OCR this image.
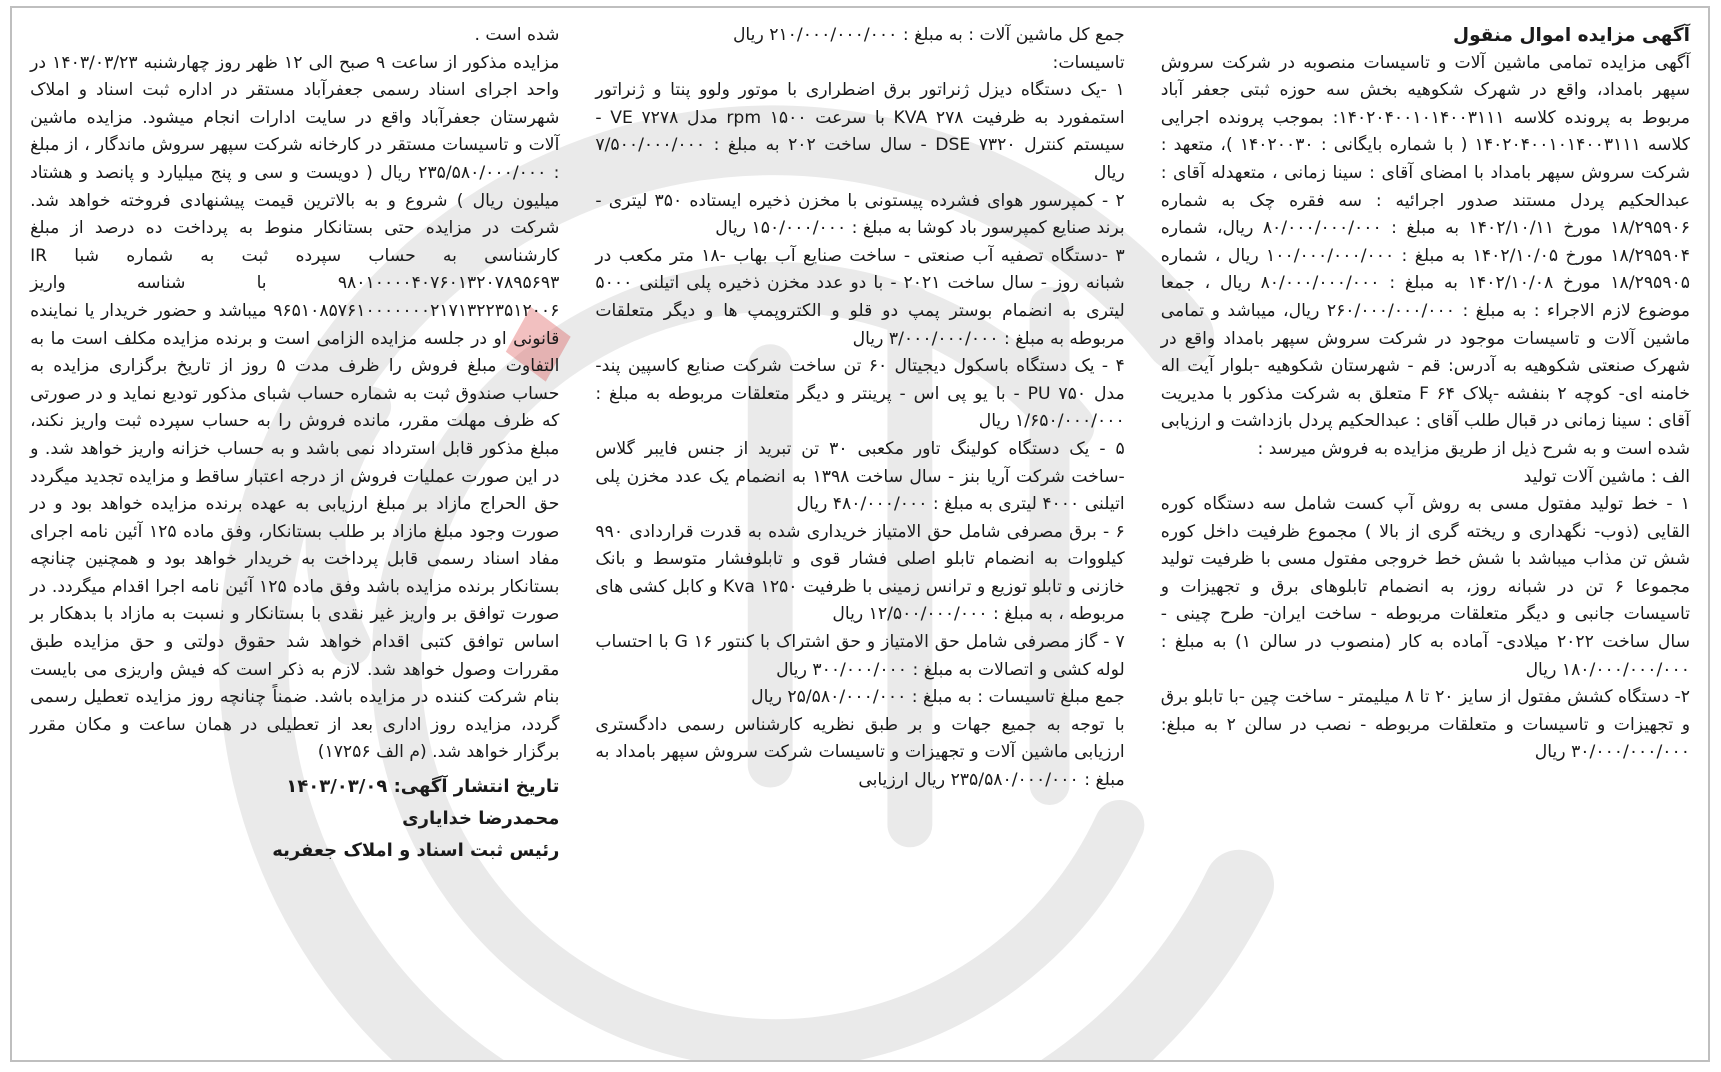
آگهی مزایده اموال منقول

آگهی مزایده تمامی ماشین آلات و تاسیسات منصوبه در شرکت سروش سپهر بامداد، واقع در شهرک شکوهیه بخش سه حوزه ثبتی جعفر آباد مربوط به پرونده کلاسه ۱۴۰۲۰۴۰۰۱۰۱۴۰۰۳۱۱۱: بموجب پرونده اجرایی کلاسه ۱۴۰۲۰۴۰۰۱۰۱۴۰۰۳۱۱۱ ( با شماره بایگانی : ۱۴۰۲۰۰۳۰ )، متعهد : شرکت سروش سپهر بامداد با امضای آقای : سینا زمانی ، متعهدله آقای : عبدالحکیم پردل مستند صدور اجرائیه : سه فقره چک به شماره ۱۸/۲۹۵۹۰۶ مورخ ۱۴۰۲/۱۰/۱۱ به مبلغ : ۸۰/۰۰۰/۰۰۰/۰۰۰ ریال، شماره ۱۸/۲۹۵۹۰۴ مورخ ۱۴۰۲/۱۰/۰۵ به مبلغ : ۱۰۰/۰۰۰/۰۰۰/۰۰۰ ریال ، شماره ۱۸/۲۹۵۹۰۵ مورخ ۱۴۰۲/۱۰/۰۸ به مبلغ : ۸۰/۰۰۰/۰۰۰/۰۰۰ ریال ، جمعا موضوع لازم الاجراء : به مبلغ : ۲۶۰/۰۰۰/۰۰۰/۰۰۰ ریال، میباشد و تمامی ماشین آلات و تاسیسات موجود در شرکت سروش سپهر بامداد واقع در شهرک صنعتی شکوهیه به آدرس: قم - شهرستان شکوهیه -بلوار آیت اله خامنه ای- کوچه ۲ بنفشه -پلاک F ۶۴ متعلق به شرکت مذکور با مدیریت آقای : سینا زمانی در قبال طلب آقای : عبدالحکیم پردل بازداشت و ارزیابی شده است و به شرح ذیل از طریق مزایده به فروش میرسد :

الف : ماشین آلات تولید

۱ - خط تولید مفتول مسی به روش آپ کست شامل سه دستگاه کوره القایی (ذوب- نگهداری و ریخته گری از بالا ) مجموع ظرفیت داخل کوره شش تن مذاب میباشد با شش خط خروجی مفتول مسی با ظرفیت تولید مجموعا ۶ تن در شبانه روز، به انضمام تابلوهای برق و تجهیزات و تاسیسات جانبی و دیگر متعلقات مربوطه - ساخت ایران- طرح چینی - سال ساخت ۲۰۲۲ میلادی- آماده به کار (منصوب در سالن ۱) به مبلغ : ۱۸۰/۰۰۰/۰۰۰/۰۰۰ ریال

۲- دستگاه کشش مفتول از سایز ۲۰ تا ۸ میلیمتر - ساخت چین -با تابلو برق و تجهیزات و تاسیسات و متعلقات مربوطه - نصب در سالن ۲ به مبلغ: ۳۰/۰۰۰/۰۰۰/۰۰۰ ریال

جمع کل ماشین آلات : به مبلغ : ۲۱۰/۰۰۰/۰۰۰/۰۰۰ ریال

تاسیسات:

۱ -یک دستگاه دیزل ژنراتور برق اضطراری با موتور ولوو پنتا و ژنراتور استمفورد به ظرفیت KVA ۲۷۸ با سرعت rpm ۱۵۰۰ مدل ۷۲۷۸ VE - سیستم کنترل DSE ۷۳۲۰ - سال ساخت ۲۰۲ به مبلغ : ۷/۵۰۰/۰۰۰/۰۰۰ ریال

۲ - کمپرسور هوای فشرده پیستونی با مخزن ذخیره ایستاده ۳۵۰ لیتری - برند صنایع کمپرسور باد کوشا به مبلغ : ۱۵۰/۰۰۰/۰۰۰ ریال

۳ -دستگاه تصفیه آب صنعتی - ساخت صنایع آب بهاب -۱۸ متر مکعب در شبانه روز - سال ساخت ۲۰۲۱ - با دو عدد مخزن ذخیره پلی اتیلنی ۵۰۰۰ لیتری به انضمام بوستر پمپ دو قلو و الکتروپمپ ها و دیگر متعلقات مربوطه به مبلغ : ۳/۰۰۰/۰۰۰/۰۰۰ ریال

۴ - یک دستگاه باسکول دیجیتال ۶۰ تن ساخت شرکت صنایع کاسپین پند- مدل PU ۷۵۰ - با یو پی اس - پرینتر و دیگر متعلقات مربوطه به مبلغ : ۱/۶۵۰/۰۰۰/۰۰۰ ریال

۵ - یک دستگاه کولینگ تاور مکعبی ۳۰ تن تبرید از جنس فایبر گلاس -ساخت شرکت آریا بنز - سال ساخت ۱۳۹۸ به انضمام یک عدد مخزن پلی اتیلنی ۴۰۰۰ لیتری به مبلغ : ۴۸۰/۰۰۰/۰۰۰ ریال

۶ - برق مصرفی شامل حق الامتیاز خریداری شده به قدرت قراردادی ۹۹۰ کیلووات به انضمام تابلو اصلی فشار قوی و تابلوفشار متوسط و بانک خازنی و تابلو توزیع و ترانس زمینی با ظرفیت ۱۲۵۰ Kva و کابل کشی های مربوطه ، به مبلغ : ۱۲/۵۰۰/۰۰۰/۰۰۰ ریال

۷ - گاز مصرفی شامل حق الامتیاز و حق اشتراک با کنتور G ۱۶ با احتساب لوله کشی و اتصالات به مبلغ : ۳۰۰/۰۰۰/۰۰۰ ریال

جمع مبلغ تاسیسات : به مبلغ : ۲۵/۵۸۰/۰۰۰/۰۰۰ ریال

با توجه به جمیع جهات و بر طبق نظریه کارشناس رسمی دادگستری ارزیابی ماشین آلات و تجهیزات و تاسیسات شرکت سروش سپهر بامداد به مبلغ : ۲۳۵/۵۸۰/۰۰۰/۰۰۰ ریال ارزیابی

شده است .

مزایده مذکور از ساعت ۹ صبح الی ۱۲ ظهر روز چهارشنبه ۱۴۰۳/۰۳/۲۳ در واحد اجرای اسناد رسمی جعفرآباد مستقر در اداره ثبت اسناد و املاک شهرستان جعفرآباد واقع در سایت ادارات انجام میشود. مزایده ماشین آلات و تاسیسات مستقر در کارخانه شرکت سپهر سروش ماندگار ، از مبلغ : ۲۳۵/۵۸۰/۰۰۰/۰۰۰ ریال ( دویست و سی و پنج میلیارد و پانصد و هشتاد میلیون ریال ) شروع و به بالاترین قیمت پیشنهادی فروخته خواهد شد. شرکت در مزایده حتی بستانکار منوط به پرداخت ده درصد از مبلغ کارشناسی به حساب سپرده ثبت به شماره شبا IR ۹۸۰۱۰۰۰۰۴۰۷۶۰۱۳۲۰۷۸۹۵۶۹۳ با شناسه واریز ۹۶۵۱۰۸۵۷۶۱۰۰۰۰۰۰۰۲۱۷۱۳۲۲۳۵۱۲۰۰۶ میباشد و حضور خریدار یا نماینده قانونی او در جلسه مزایده الزامی است و برنده مزایده مکلف است ما به التفاوت مبلغ فروش را ظرف مدت ۵ روز از تاریخ برگزاری مزایده به حساب صندوق ثبت به شماره حساب شبای مذکور تودیع نماید و در صورتی که ظرف مهلت مقرر، مانده فروش را به حساب سپرده ثبت واریز نکند، مبلغ مذکور قابل استرداد نمی باشد و به حساب خزانه واریز خواهد شد. و در این صورت عملیات فروش از درجه اعتبار ساقط و مزایده تجدید میگردد حق الحراج مازاد بر مبلغ ارزیابی به عهده برنده مزایده خواهد بود و در صورت وجود مبلغ مازاد بر طلب بستانکار، وفق ماده ۱۲۵ آئین نامه اجرای مفاد اسناد رسمی قابل پرداخت به خریدار خواهد بود و همچنین چنانچه بستانکار برنده مزایده باشد وفق ماده ۱۲۵ آئین نامه اجرا اقدام میگردد. در صورت توافق بر واریز غیر نقدی با بستانکار و نسبت به مازاد با بدهکار بر اساس توافق کتبی اقدام خواهد شد حقوق دولتی و حق مزایده طبق مقررات وصول خواهد شد. لازم به ذکر است که فیش واریزی می بایست بنام شرکت کننده در مزایده باشد. ضمناً چنانچه روز مزایده تعطیل رسمی گردد، مزایده روز اداری بعد از تعطیلی در همان ساعت و مکان مقرر برگزار خواهد شد. (م الف ۱۷۲۵۶)

تاریخ انتشار آگهی: ۱۴۰۳/۰۳/۰۹
محمدرضا خدایاری
رئیس ثبت اسناد و املاک جعفریه
